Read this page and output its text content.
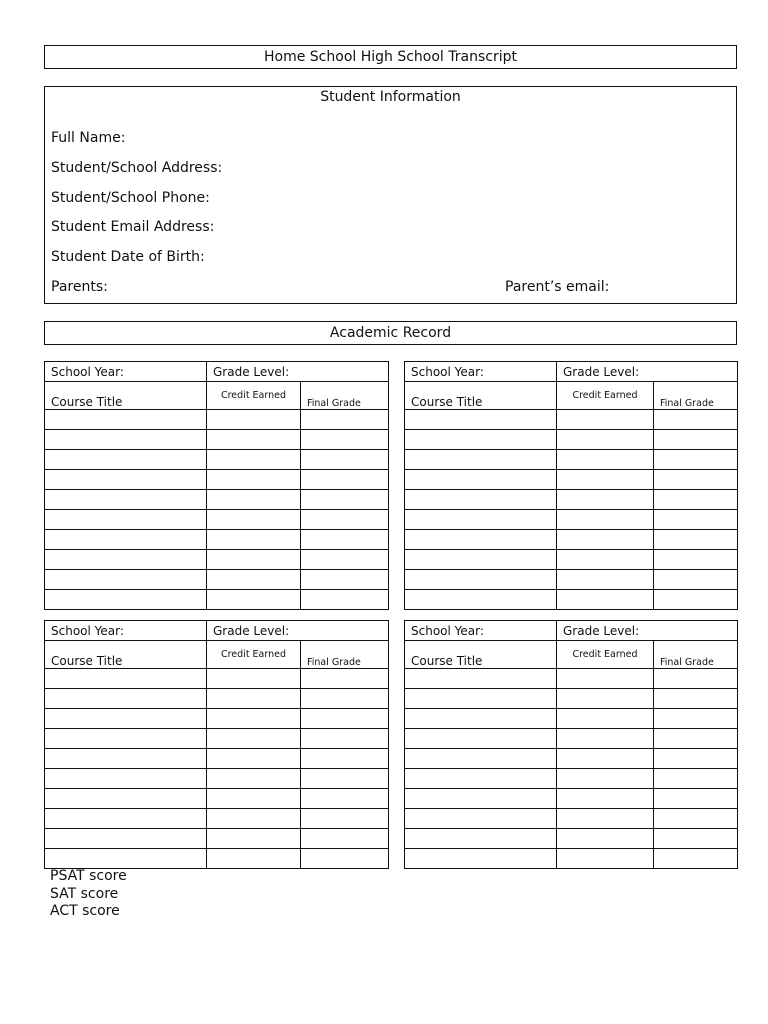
Home School High School Transcript
Student Information
Full Name:
Student/School Address:
Student/School Phone:
Student Email Address:
Student Date of Birth:
Parents:	Parent’s email:
Academic Record
School Year:	Grade Level:	
Course Title	Credit Earned	Final Grade

School Year:	Grade Level:	
Course Title	Credit Earned	Final Grade

School Year:	Grade Level:	
Course Title	Credit Earned	Final Grade

School Year:	Grade Level:	
Course Title	Credit Earned	Final Grade

PSAT score
SAT score
ACT score
